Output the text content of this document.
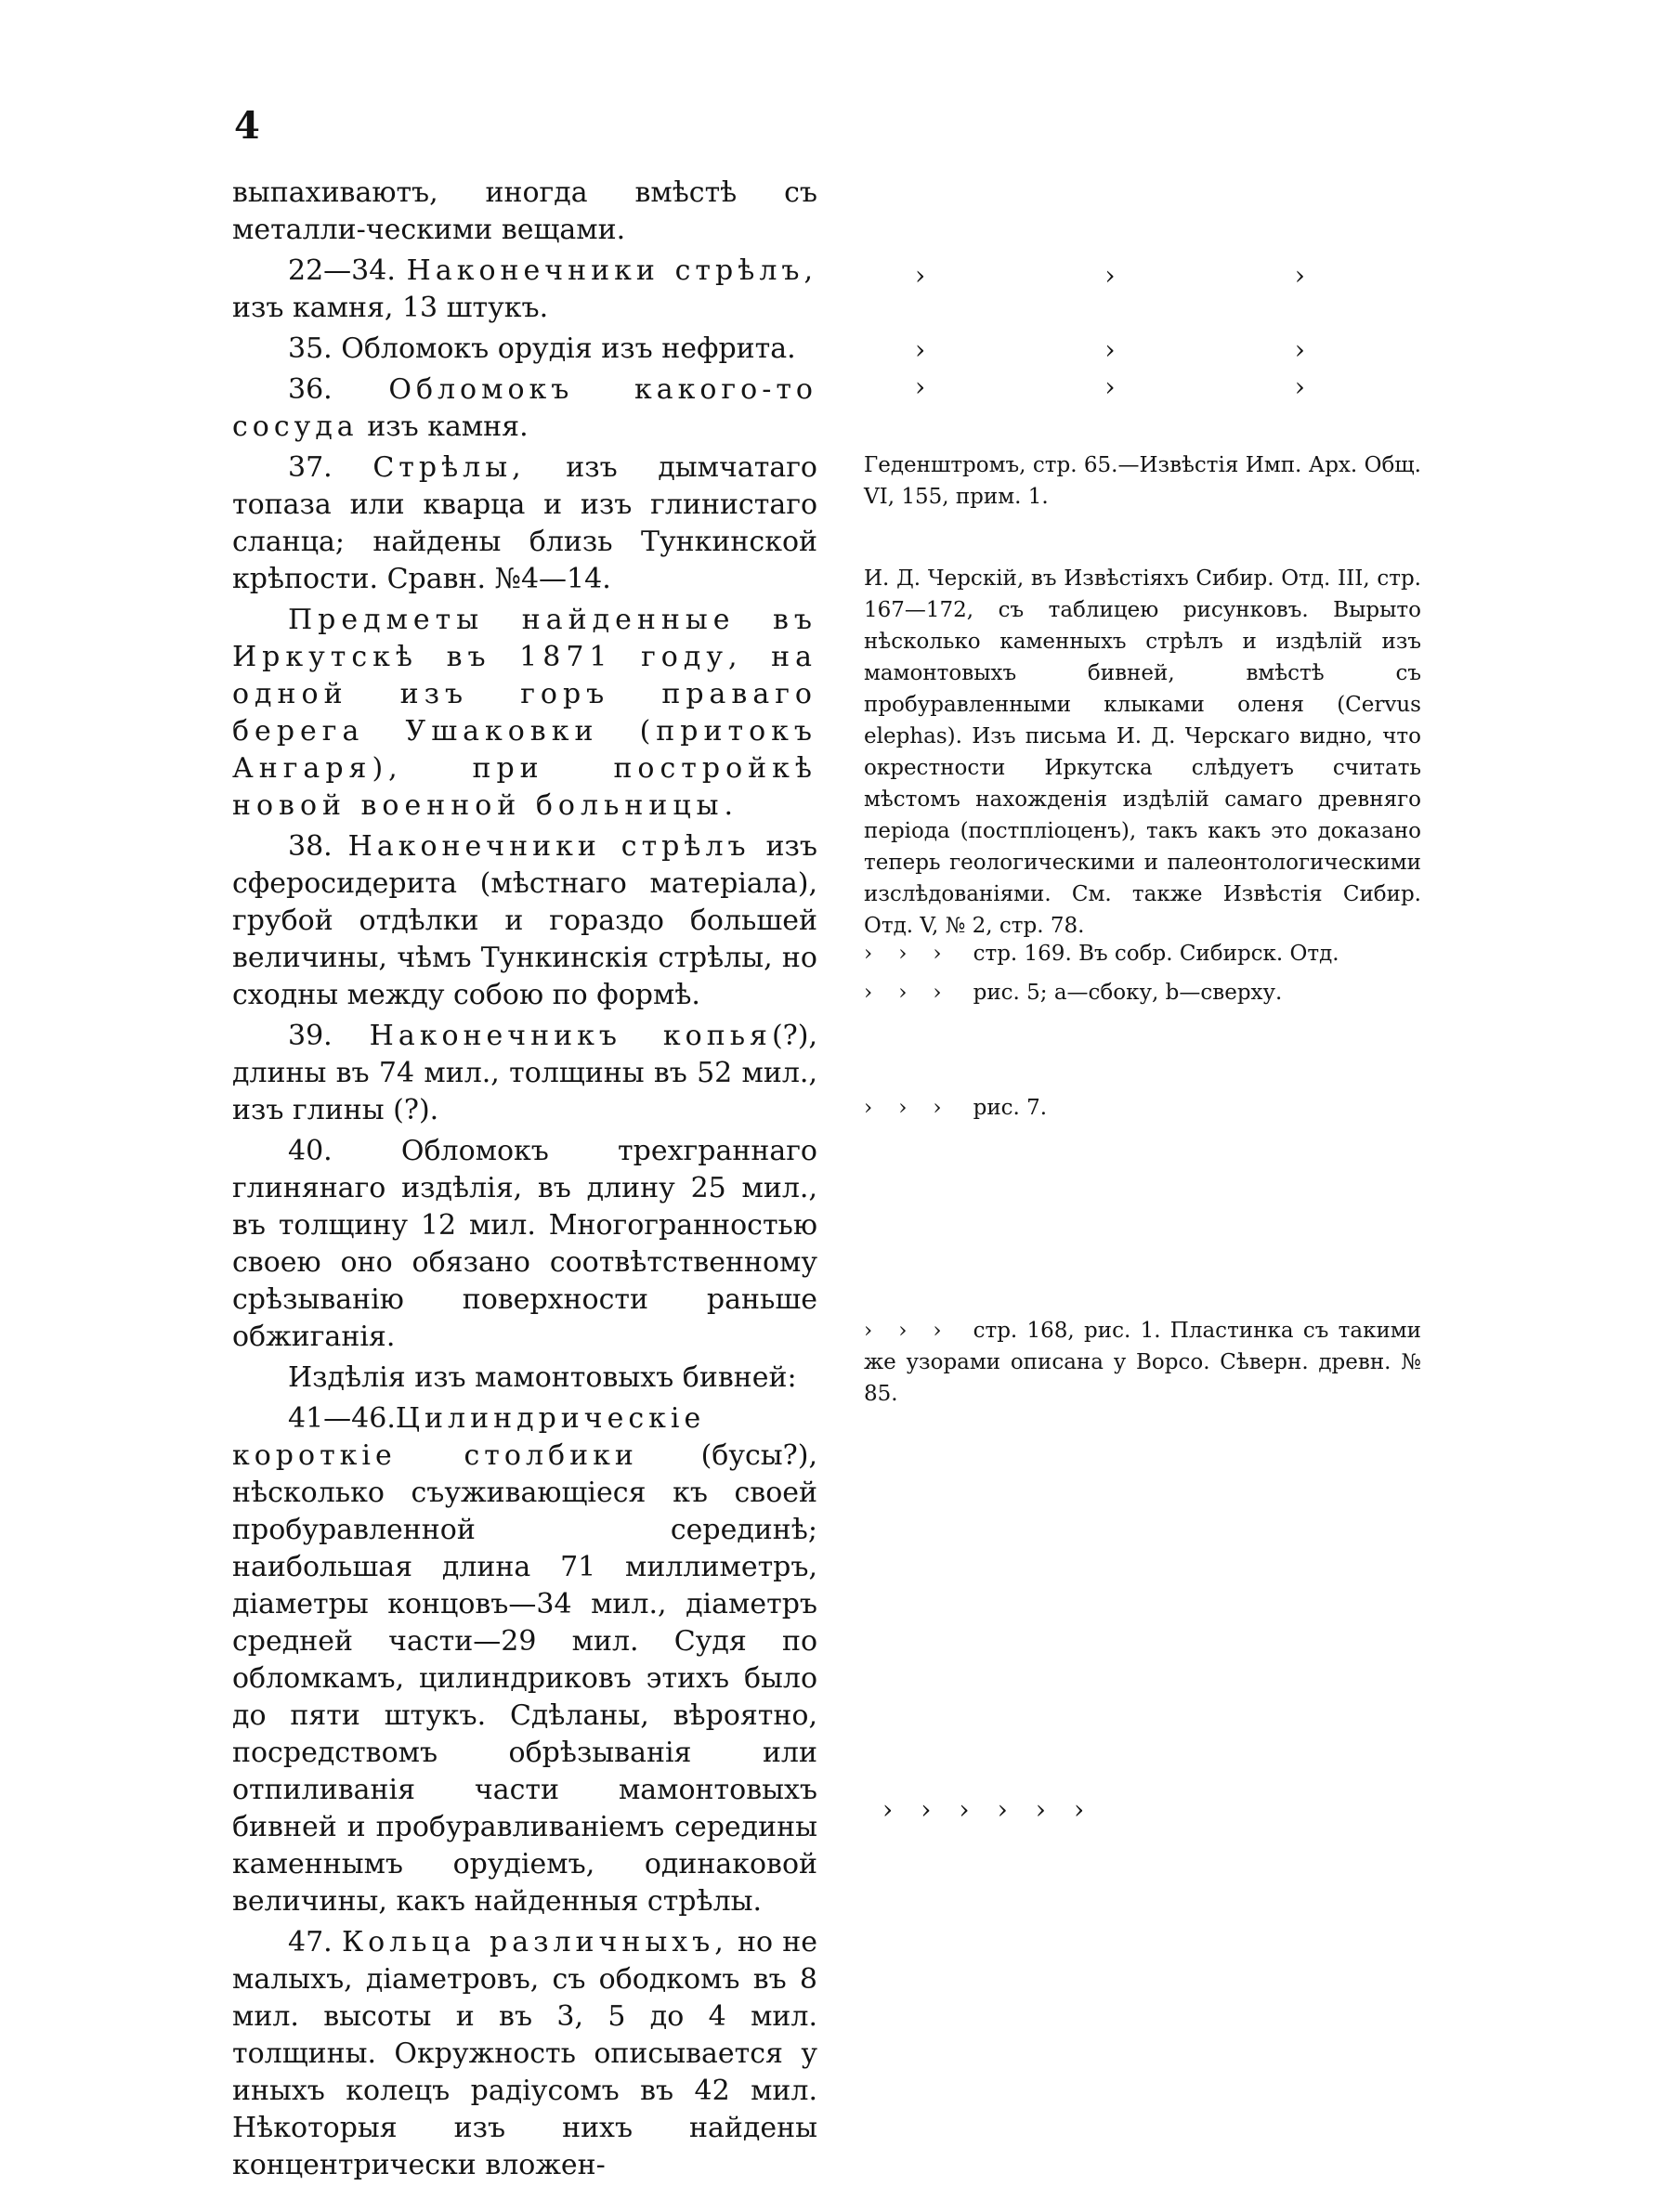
4

выпахиваютъ, иногда вмѣстѣ съ металли-ческими вещами.

22—34. Наконечники стрѣлъ, изъ камня, 13 штукъ.

35. Обломокъ орудія изъ нефрита.

36. Обломокъ какого-то сосуда изъ камня.

37. Стрѣлы, изъ дымчатаго топаза или кварца и изъ глинистаго сланца; найдены близь Тункинской крѣпости. Сравн. №4—14.

Предметы найденные въ Иркутскѣ въ 1871 году, на одной изъ горъ праваго берега Ушаковки (притокъ Ангаря), при постройкѣ новой военной больницы.

38. Наконечники стрѣлъ изъ сферосидерита (мѣстнаго матеріала), грубой отдѣлки и гораздо большей величины, чѣмъ Тункинскія стрѣлы, но сходны между собою по формѣ.

39. Наконечникъ копья(?), длины въ 74 мил., толщины въ 52 мил., изъ глины (?).

40. Обломокъ трехграннаго глинянаго издѣлія, въ длину 25 мил., въ толщину 12 мил. Многогранностью своею оно обязано соотвѣтственному срѣзыванію поверхности раньше обжиганія.

Издѣлія изъ мамонтовыхъ бивней:

41—46.Цилиндрическіе короткіе столбики (бусы?), нѣсколько съуживающіеся къ своей пробуравленной серединѣ; наибольшая длина 71 миллиметръ, діаметры концовъ—34 мил., діаметръ средней части—29 мил. Судя по обломкамъ, цилиндриковъ этихъ было до пяти штукъ. Сдѣланы, вѣроятно, посредствомъ обрѣзыванія или отпиливанія части мамонтовыхъ бивней и пробуравливаніемъ середины каменнымъ орудіемъ, одинаковой величины, какъ найденныя стрѣлы.

47. Кольца различныхъ, но не малыхъ, діаметровъ, съ ободкомъ въ 8 мил. высоты и въ 3, 5 до 4 мил. толщины. Окружность описывается у иныхъ колецъ радіусомъ въ 42 мил. Нѣкоторыя изъ нихъ найдены концентрически вложен-

›	›	›
›	›	›
›	›	›

Геденштромъ, стр. 65.—Извѣстія Имп. Арх. Общ. VI, 155, прим. 1.

И. Д. Черскій, въ Извѣстіяхъ Сибир. Отд. III, стр. 167—172, съ таблицею рисунковъ. Вырыто нѣсколько каменныхъ стрѣлъ и издѣлій изъ мамонтовыхъ бивней, вмѣстѣ съ пробуравленными клыками оленя (Cervus elephas). Изъ письма И. Д. Черскаго видно, что окрестности Иркутска слѣдуетъ считать мѣстомъ нахожденія издѣлій самаго древняго періода (постпліоценъ), такъ какъ это доказано теперь геологическими и палеонтологическими изслѣдованіями. См. также Извѣстія Сибир. Отд. V, № 2, стр. 78.

››› стр. 169. Въ собр. Сибирск. Отд.

››› рис. 5; a—сбоку, b—сверху.

››› рис. 7.

››› стр. 168, рис. 1. Пластинка съ такими же узорами описана у Ворсо. Сѣверн. древн. № 85.

››››››
